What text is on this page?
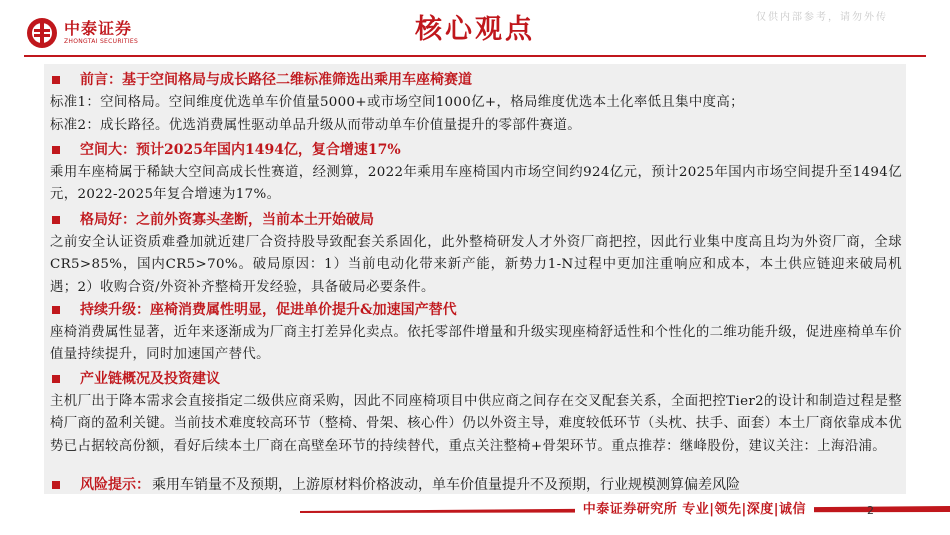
中泰证券
ZHONGTAI SECURITIES	核心观点	仅供内部参考，请勿外传
前言：基于空间格局与成长路径二维标准筛选出乘用车座椅赛道
标准1：空间格局。空间维度优选单车价值量5000+或市场空间1000亿+，格局维度优选本土化率低且集中度高；
标准2：成长路径。优选消费属性驱动单品升级从而带动单车价值量提升的零部件赛道。
空间大：预计2025年国内1494亿，复合增速17%
乘用车座椅属于稀缺大空间高成长性赛道，经测算，2022年乘用车座椅国内市场空间约924亿元，预计2025年国内市场空间提升至1494亿元，2022-2025年复合增速为17%。
格局好：之前外资寡头垄断，当前本土开始破局
之前安全认证资质难叠加就近建厂合资持股导致配套关系固化，此外整椅研发人才外资厂商把控，因此行业集中度高且均为外资厂商，全球CR5>85%，国内CR5>70%。破局原因：1）当前电动化带来新产能，新势力1-N过程中更加注重响应和成本，本土供应链迎来破局机遇；2）收购合资/外资补齐整椅开发经验，具备破局必要条件。
持续升级：座椅消费属性明显，促进单价提升&加速国产替代
座椅消费属性显著，近年来逐渐成为厂商主打差异化卖点。依托零部件增量和升级实现座椅舒适性和个性化的二维功能升级，促进座椅单车价值量持续提升，同时加速国产替代。
产业链概况及投资建议
主机厂出于降本需求会直接指定二级供应商采购，因此不同座椅项目中供应商之间存在交叉配套关系，全面把控Tier2的设计和制造过程是整椅厂商的盈利关键。当前技术难度较高环节（整椅、骨架、核心件）仍以外资主导，难度较低环节（头枕、扶手、面套）本土厂商依靠成本优势已占据较高份额，看好后续本土厂商在高壁垒环节的持续替代，重点关注整椅+骨架环节。重点推荐：继峰股份，建议关注：上海沿浦。
风险提示： 乘用车销量不及预期，上游原材料价格波动，单车价值量提升不及预期，行业规模测算偏差风险
中泰证券研究所 专业|领先|深度|诚信	2
